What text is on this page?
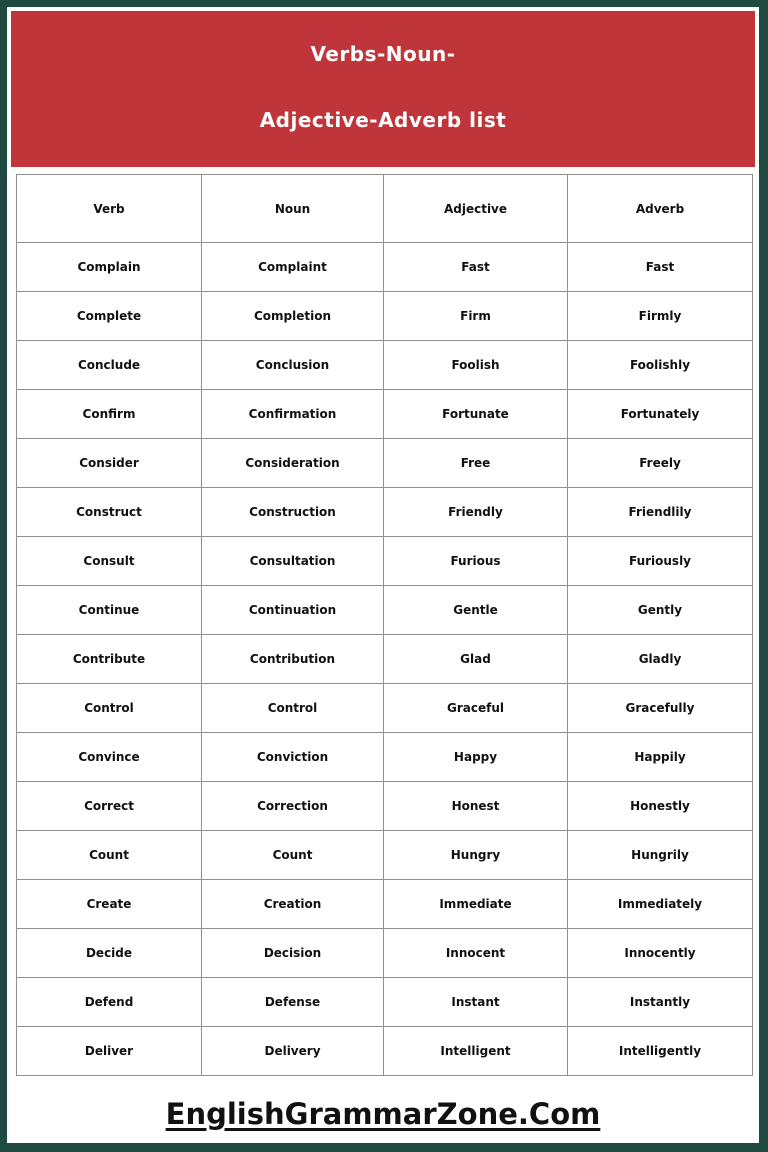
Verbs-Noun-
Adjective-Adverb list
Verb	Noun	Adjective	Adverb
Complain	Complaint	Fast	Fast
Complete	Completion	Firm	Firmly
Conclude	Conclusion	Foolish	Foolishly
Confirm	Confirmation	Fortunate	Fortunately
Consider	Consideration	Free	Freely
Construct	Construction	Friendly	Friendlily
Consult	Consultation	Furious	Furiously
Continue	Continuation	Gentle	Gently
Contribute	Contribution	Glad	Gladly
Control	Control	Graceful	Gracefully
Convince	Conviction	Happy	Happily
Correct	Correction	Honest	Honestly
Count	Count	Hungry	Hungrily
Create	Creation	Immediate	Immediately
Decide	Decision	Innocent	Innocently
Defend	Defense	Instant	Instantly
Deliver	Delivery	Intelligent	Intelligently
EnglishGrammarZone.Com
